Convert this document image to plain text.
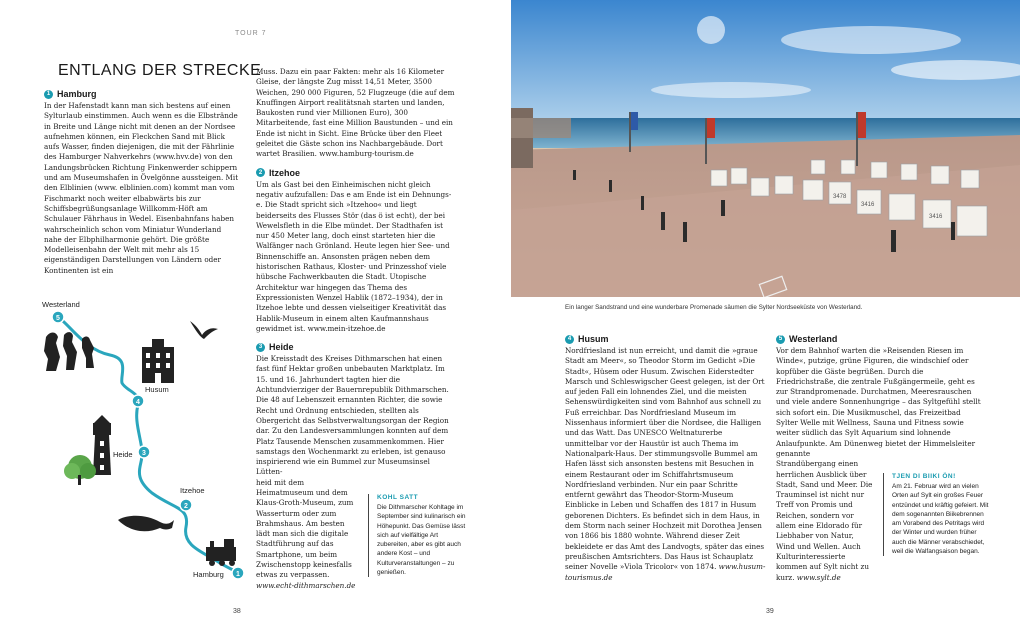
TOUR 7
ENTLANG DER STRECKE
1 Hamburg

In der Hafenstadt kann man sich bestens auf einen Sylturlaub einstimmen. Auch wenn es die Elbstrände in Breite und Länge nicht mit denen an der Nordsee aufnehmen können, ein Fleckchen Sand mit Blick aufs Wasser, finden diejenigen, die mit der Fährlinie des Hamburger Nahverkehrs (www.hvv.de) von den Landungsbrücken Richtung Finkenwerder schippern und am Museumshafen in Övelgönne aussteigen. Mit den Elblinien (www. elblinien.com) kommt man vom Fischmarkt noch weiter elbabwärts bis zur Schiffsbegrüßungsanlage Willkomm-Höft am Schulauer Fährhaus in Wedel. Eisenbahnfans haben wahrscheinlich schon vom Miniatur Wunderland nahe der Elbphilharmonie gehört. Die größte Modelleisenbahn der Welt mit mehr als 15 eigenständigen Darstellungen von Ländern oder Kontinenten ist ein

Muss. Dazu ein paar Fakten: mehr als 16 Kilometer Gleise, der längste Zug misst 14,51 Meter, 3500 Weichen, 290 000 Figuren, 52 Flugzeuge (die auf dem Knuffingen Airport realitätsnah starten und landen, Baukosten rund vier Millionen Euro), 300 Mitarbeitende, fast eine Million Baustunden – und ein Ende ist nicht in Sicht. Eine Brücke über den Fleet geleitet die Gäste schon ins Nachbargebäude. Dort wartet Brasilien. www.hamburg-tourism.de

2 Itzehoe

Um als Gast bei den Einheimischen nicht gleich negativ aufzufallen: Das e am Ende ist ein Dehnungs-e. Die Stadt spricht sich »Itzehoo« und liegt beiderseits des Flusses Stör (das ö ist echt), der bei Wewelsfleth in die Elbe mündet. Der Stadthafen ist nur 450 Meter lang, doch einst starteten hier die Walfänger nach Grönland. Heute legen hier See- und Binnenschiffe an. Ansonsten prägen neben dem historischen Rathaus, Kloster- und Prinzesshof viele hübsche Fachwerkbauten die Stadt. Utopische Architektur war hingegen das Thema des Expressionisten Wenzel Hablik (1872–1934), der in Itzehoe lebte und dessen vielseitiger Kreativität das Hablik-Museum in einem alten Kaufmannshaus gewidmet ist. www.mein-itzehoe.de

3 Heide

Die Kreisstadt des Kreises Dithmarschen hat einen fast fünf Hektar großen unbebauten Marktplatz. Im 15. und 16. Jahrhundert tagten hier die Achtundvierziger der Bauernrepublik Dithmarschen. Die 48 auf Lebenszeit ernannten Richter, die sowie Recht und Ordnung entschieden, stellten als Obergericht das Selbstverwaltungsorgan der Region dar. Zu den Landesversammlungen konnten auf dem Platz Tausende Menschen zusammenkommen. Hier samstags den Wochenmarkt zu erleben, ist genauso inspirierend wie ein Bummel zur Museumsinsel Lütten-

heid mit dem Heimatmuseum und dem Klaus-Groth-Museum, zum Wasserturm oder zum Brahmshaus. Am besten lädt man sich die digitale Stadtführung auf das Smartphone, um beim Zwischenstopp keinesfalls etwas zu verpassen. www.echt-dithmarschen.de

KOHL SATT
Die Dithmarscher Kohltage im September sind kulinarisch ein Höhepunkt. Das Gemüse lässt sich auf vielfältige Art zubereiten, aber es gibt auch andere Kost – und Kulturveranstaltungen – zu genießen.
5
4
3
2
1
Westerland
Husum
Heide
Itzehoe
Hamburg
38
3478
3416
3416
Ein langer Sandstrand und eine wunderbare Promenade säumen die Sylter Nordseeküste von Westerland.
4 Husum

Nordfriesland ist nun erreicht, und damit die »graue Stadt am Meer«, so Theodor Storm im Gedicht »Die Stadt«, Hüsem oder Husum. Zwischen Eiderstedter Marsch und Schleswigscher Geest gelegen, ist der Ort auf jeden Fall ein lohnendes Ziel, und die meisten Sehenswürdigkeiten sind vom Bahnhof aus schnell zu Fuß erreichbar. Das Nordfriesland Museum im Nissenhaus informiert über die Nordsee, die Halligen und das Watt. Das UNESCO Weltnaturerbe unmittelbar vor der Haustür ist auch Thema im Nationalpark-Haus. Der stimmungsvolle Bummel am Hafen lässt sich ansonsten bestens mit Besuchen in einem Restaurant oder im Schiffahrtsmuseum Nordfriesland verbinden. Nur ein paar Schritte entfernt gewährt das Theodor-Storm-Museum Einblicke in Leben und Schaffen des 1817 in Husum geborenen Dichters. Es befindet sich in dem Haus, in dem Storm nach seiner Hochzeit mit Dorothea Jensen von 1866 bis 1880 wohnte. Während dieser Zeit bekleidete er das Amt des Landvogts, später das eines preußischen Amtsrichters. Das Haus ist Schauplatz seiner Novelle »Viola Tricolor« von 1874. www.husum-tourismus.de

5 Westerland

Vor dem Bahnhof warten die »Reisenden Riesen im Winde«, putzige, grüne Figuren, die windschief oder kopfüber die Gäste begrüßen. Durch die Friedrichstraße, die zentrale Fußgängermeile, geht es zur Strandpromenade. Durchatmen, Meeresrauschen und viele andere Sonnenhungrige – das Syltgefühl stellt sich sofort ein. Die Musikmuschel, das Freizeitbad Sylter Welle mit Wellness, Sauna und Fitness sowie weiter südlich das Sylt Aquarium sind lohnende Anlaufpunkte. Am Dünenweg bietet der Himmelsleiter genannte

Strandübergang einen herrlichen Ausblick über Stadt, Sand und Meer. Die Trauminsel ist nicht nur Treff von Promis und Reichen, sondern vor allem eine Eldorado für Liebhaber von Natur, Wind und Wellen. Auch Kulturinteressierte kommen auf Sylt nicht zu kurz. www.sylt.de

TJEN DI BIIKI ÖN!
Am 21. Februar wird an vielen Orten auf Sylt ein großes Feuer entzündet und kräftig gefeiert. Mit dem sogenannten Biikebrennen am Vorabend des Petritags wird der Winter und wurden früher auch die Männer verabschiedet, weil die Walfangsaison began.
39
